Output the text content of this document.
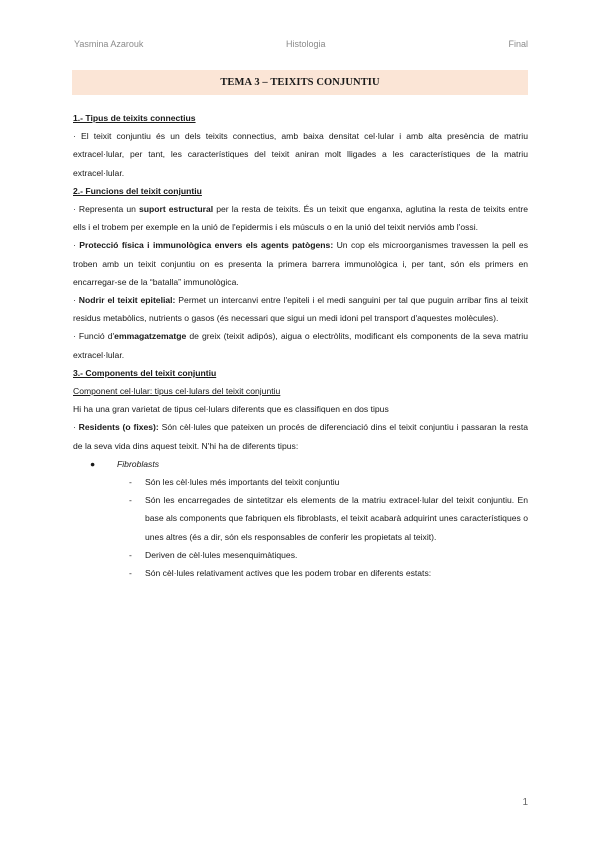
Yasmina Azarouk	Histologia	Final
TEMA 3 – TEIXITS CONJUNTIU

1.- Tipus de teixits connectius

· El teixit conjuntiu és un dels teixits connectius, amb baixa densitat cel·lular i amb alta presència de matriu extracel·lular, per tant, les característiques del teixit aniran molt lligades a les característiques de la matriu extracel·lular.

2.- Funcions del teixit conjuntiu

· Representa un suport estructural per la resta de teixits. És un teixit que enganxa, aglutina la resta de teixits entre ells i el trobem per exemple en la unió de l'epidermis i els músculs o en la unió del teixit nerviós amb l'ossi.

· Protecció física i immunològica envers els agents patògens: Un cop els microorganismes travessen la pell es troben amb un teixit conjuntiu on es presenta la primera barrera immunològica i, per tant, són els primers en encarregar-se de la “batalla” immunològica.

· Nodrir el teixit epitelial: Permet un intercanvi entre l'epiteli i el medi sanguini per tal que puguin arribar fins al teixit residus metabòlics, nutrients o gasos (és necessari que sigui un medi idoni pel transport d'aquestes molècules).

· Funció d'emmagatzematge de greix (teixit adipós), aigua o electròlits, modificant els components de la seva matriu extracel·lular.

3.- Components del teixit conjuntiu

Component cel·lular: tipus cel·lulars del teixit conjuntiu

Hi ha una gran varietat de tipus cel·lulars diferents que es classifiquen en dos tipus

· Residents (o fixes): Són cèl·lules que pateixen un procés de diferenciació dins el teixit conjuntiu i passaran la resta de la seva vida dins aquest teixit. N'hi ha de diferents tipus:

●	Fibroblasts

- Són les cèl·lules més importants del teixit conjuntiu

- Són les encarregades de sintetitzar els elements de la matriu extracel·lular del teixit conjuntiu. En base als components que fabriquen els fibroblasts, el teixit acabarà adquirint unes característiques o unes altres (és a dir, són els responsables de conferir les propietats al teixit).

- Deriven de cèl·lules mesenquimàtiques.

- Són cèl·lules relativament actives que les podem trobar en diferents estats:

1
